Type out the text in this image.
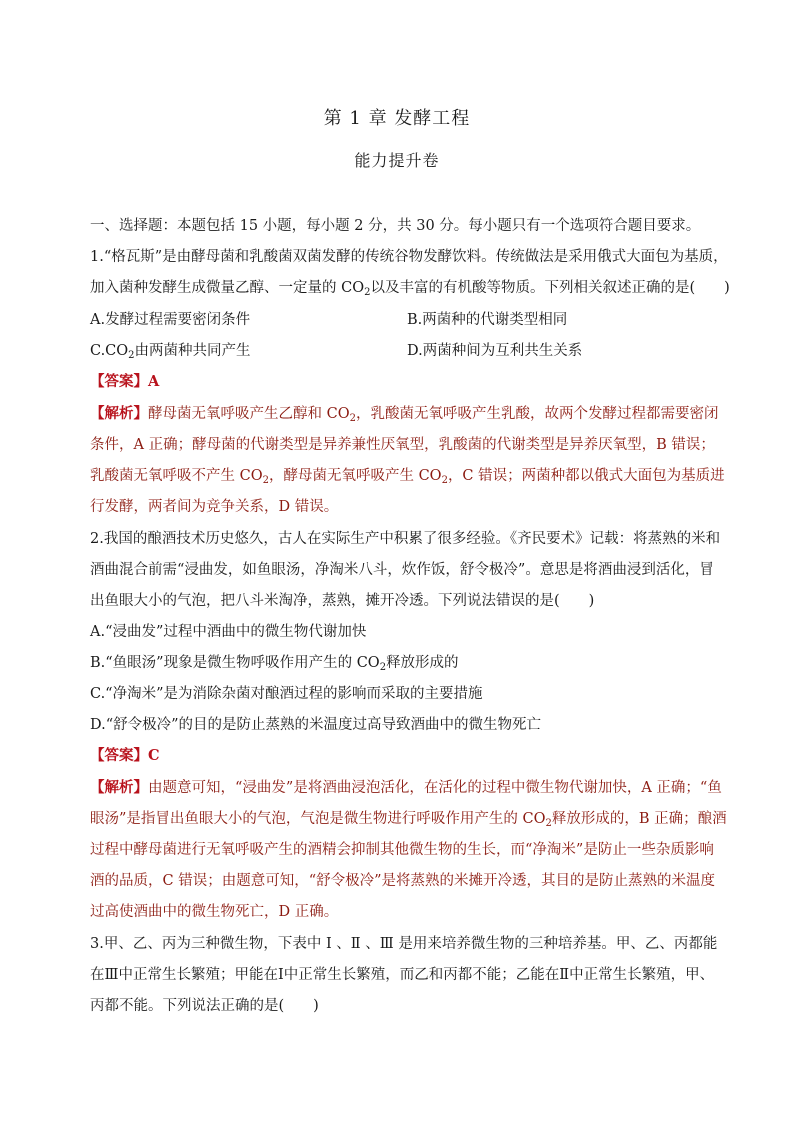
第 1 章 发酵工程
能力提升卷
一、选择题：本题包括 15 小题，每小题 2 分，共 30 分。每小题只有一个选项符合题目要求。
1.“格瓦斯”是由酵母菌和乳酸菌双菌发酵的传统谷物发酵饮料。传统做法是采用俄式大面包为基质，
加入菌种发酵生成微量乙醇、一定量的 $CO_2$以及丰富的有机酸等物质。下列相关叙述正确的是(　　)
A.发酵过程需要密闭条件	B.两菌种的代谢类型相同
$C.CO_2$由两菌种共同产生	D.两菌种间为互利共生关系
【答案】A
【解析】酵母菌无氧呼吸产生乙醇和 $CO_2$，乳酸菌无氧呼吸产生乳酸，故两个发酵过程都需要密闭
条件，A 正确；酵母菌的代谢类型是异养兼性厌氧型，乳酸菌的代谢类型是异养厌氧型，B 错误；
乳酸菌无氧呼吸不产生 $CO_2$，酵母菌无氧呼吸产生 $CO_2$，C 错误；两菌种都以俄式大面包为基质进
行发酵，两者间为竞争关系，D 错误。
2.我国的酿酒技术历史悠久，古人在实际生产中积累了很多经验。《齐民要术》记载：将蒸熟的米和
酒曲混合前需“浸曲发，如鱼眼汤，净淘米八斗，炊作饭，舒令极冷”。意思是将酒曲浸到活化，冒
出鱼眼大小的气泡，把八斗米淘净，蒸熟，摊开冷透。下列说法错误的是(　　)
A.“浸曲发”过程中酒曲中的微生物代谢加快
B.“鱼眼汤”现象是微生物呼吸作用产生的 $CO_2$释放形成的
C.“净淘米”是为消除杂菌对酿酒过程的影响而采取的主要措施
D.“舒令极冷”的目的是防止蒸熟的米温度过高导致酒曲中的微生物死亡
【答案】C
【解析】由题意可知，“浸曲发”是将酒曲浸泡活化，在活化的过程中微生物代谢加快，A 正确；“鱼
眼汤”是指冒出鱼眼大小的气泡，气泡是微生物进行呼吸作用产生的 $CO_2$释放形成的，B 正确；酿酒
过程中酵母菌进行无氧呼吸产生的酒精会抑制其他微生物的生长，而“净淘米”是防止一些杂质影响
酒的品质，C 错误；由题意可知，“舒令极冷”是将蒸熟的米摊开冷透，其目的是防止蒸熟的米温度
过高使酒曲中的微生物死亡，D 正确。
3.甲、乙、丙为三种微生物，下表中 Ⅰ 、Ⅱ 、Ⅲ 是用来培养微生物的三种培养基。甲、乙、丙都能
在Ⅲ中正常生长繁殖；甲能在Ⅰ中正常生长繁殖，而乙和丙都不能；乙能在Ⅱ中正常生长繁殖，甲、
丙都不能。下列说法正确的是(　　)
